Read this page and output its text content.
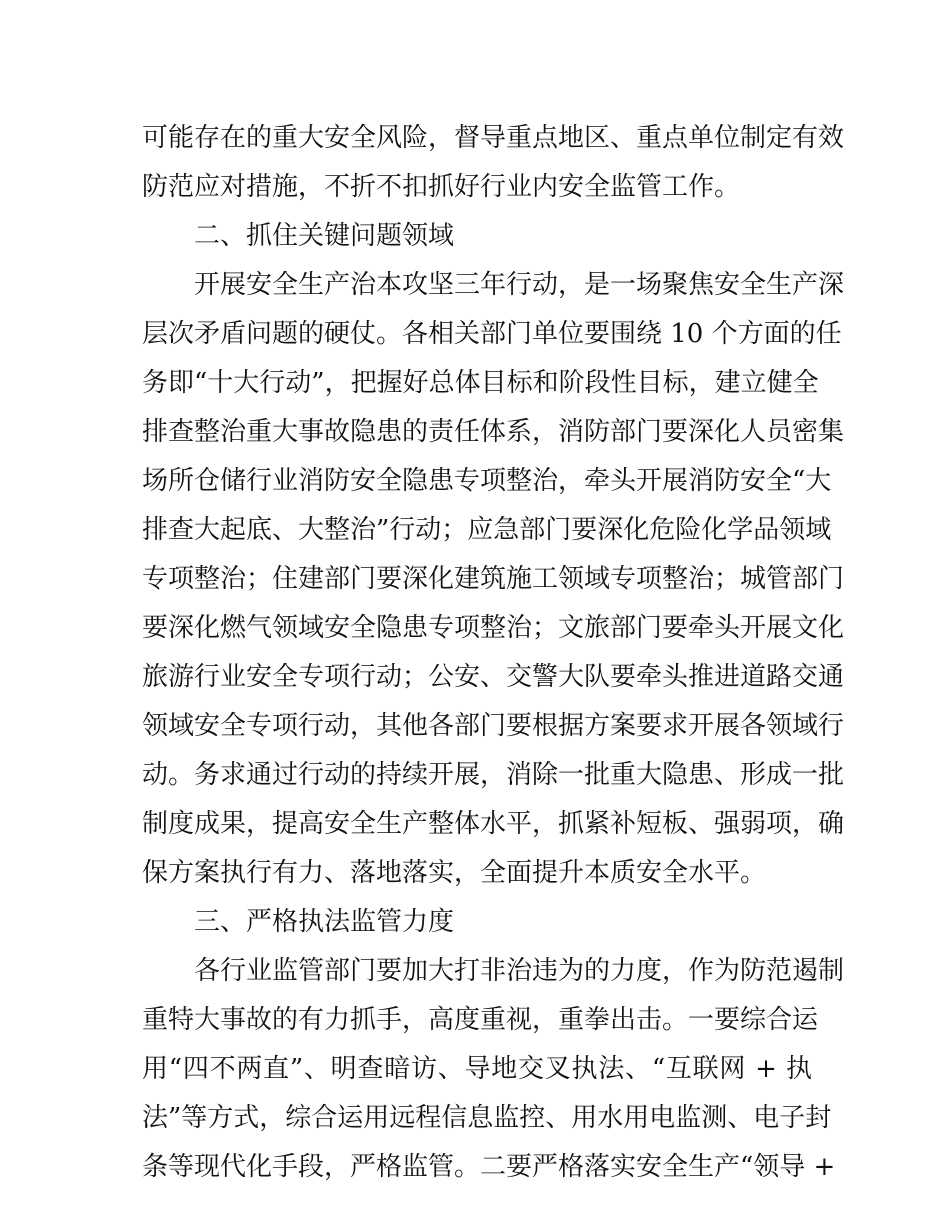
可能存在的重大安全风险，督导重点地区、重点单位制定有效
防范应对措施，不折不扣抓好行业内安全监管工作。
二、抓住关键问题领域
开展安全生产治本攻坚三年行动，是一场聚焦安全生产深
层次矛盾问题的硬仗。各相关部门单位要围绕 10 个方面的任
务即“十大行动”，把握好总体目标和阶段性目标，建立健全
排查整治重大事故隐患的责任体系，消防部门要深化人员密集
场所仓储行业消防安全隐患专项整治，牵头开展消防安全“大
排查大起底、大整治”行动；应急部门要深化危险化学品领域
专项整治；住建部门要深化建筑施工领域专项整治；城管部门
要深化燃气领域安全隐患专项整治；文旅部门要牵头开展文化
旅游行业安全专项行动；公安、交警大队要牵头推进道路交通
领域安全专项行动，其他各部门要根据方案要求开展各领域行
动。务求通过行动的持续开展，消除一批重大隐患、形成一批
制度成果，提高安全生产整体水平，抓紧补短板、强弱项，确
保方案执行有力、落地落实，全面提升本质安全水平。
三、严格执法监管力度
各行业监管部门要加大打非治违为的力度，作为防范遏制
重特大事故的有力抓手，高度重视，重拳出击。一要综合运
用“四不两直”、明查暗访、导地交叉执法、“互联网 + 执
法”等方式，综合运用远程信息监控、用水用电监测、电子封
条等现代化手段，严格监管。二要严格落实安全生产“领导 +
